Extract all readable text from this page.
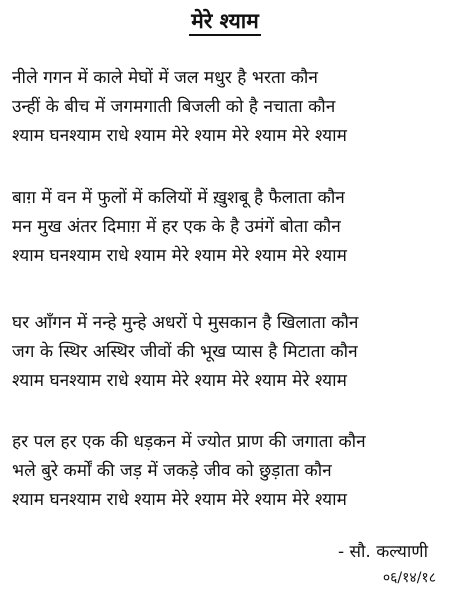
मेरे श्याम
नीले गगन में काले मेघों में जल मधुर है भरता कौन
उन्हीं के बीच में जगमगाती बिजली को है नचाता कौन
श्याम घनश्याम राधे श्याम मेरे श्याम मेरे श्याम मेरे श्याम
बाग़ में वन में फुलों में कलियों में ख़ुशबू है फैलाता कौन
मन मुख अंतर दिमाग़ में हर एक के है उमंगें बोता कौन
श्याम घनश्याम राधे श्याम मेरे श्याम मेरे श्याम मेरे श्याम
घर आँगन में नन्हे मुन्हे अधरों पे मुसकान है खिलाता कौन
जग के स्थिर अस्थिर जीवों की भूख प्यास है मिटाता कौन
श्याम घनश्याम राधे श्याम मेरे श्याम मेरे श्याम मेरे श्याम
हर पल हर एक की धड़कन में ज्योत प्राण की जगाता कौन
भले बुरे कर्मों की जड़ में जकड़े जीव को छुड़ाता कौन
श्याम घनश्याम राधे श्याम मेरे श्याम मेरे श्याम मेरे श्याम
- सौ. कल्याणी
०६/१४/१८
